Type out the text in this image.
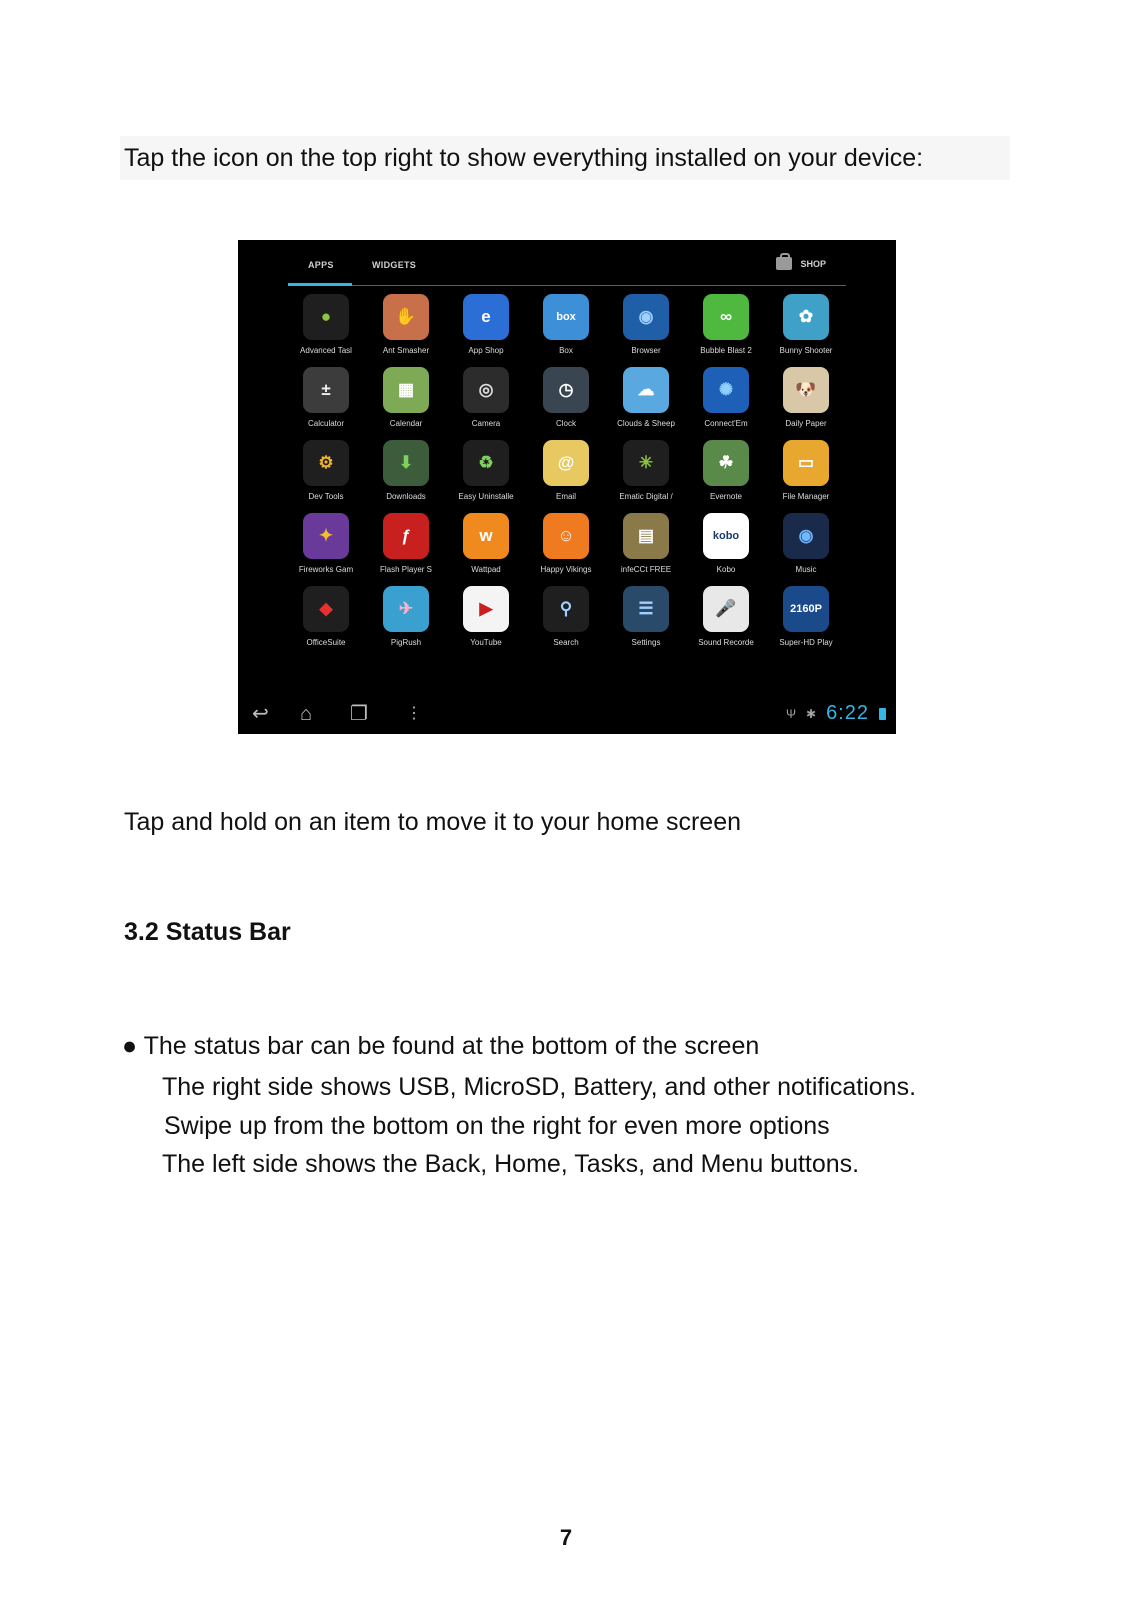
Tap the icon on the top right to show everything installed on your device:
APPS	WIDGETS	SHOP
●
Advanced Tasl
✋
Ant Smasher
e
App Shop
box
Box
◉
Browser
∞
Bubble Blast 2
✿
Bunny Shooter
±
Calculator
▦
Calendar
◎
Camera
◷
Clock
☁
Clouds & Sheep
✺
Connect'Em
🐶
Daily Paper
⚙
Dev Tools
⬇
Downloads
♻
Easy Uninstalle
@
Email
✳
Ematic Digital /
☘
Evernote
▭
File Manager
✦
Fireworks Gam
ƒ
Flash Player S
w
Wattpad
☺
Happy Vikings
▤
infeCCt FREE
kobo
Kobo
◉
Music
◆
OfficeSuite
✈
PigRush
▶
YouTube
⚲
Search
☰
Settings
🎤
Sound Recorde
2160P
Super-HD Play
↩ ⌂ ❐ ⋮	Ψ ✱ 6:22
Tap and hold on an item to move it to your home screen
3.2 Status Bar
● The status bar can be found at the bottom of the screen
The right side shows USB, MicroSD, Battery, and other notifications.
Swipe up from the bottom on the right for even more options
The left side shows the Back, Home, Tasks, and Menu buttons.
7
